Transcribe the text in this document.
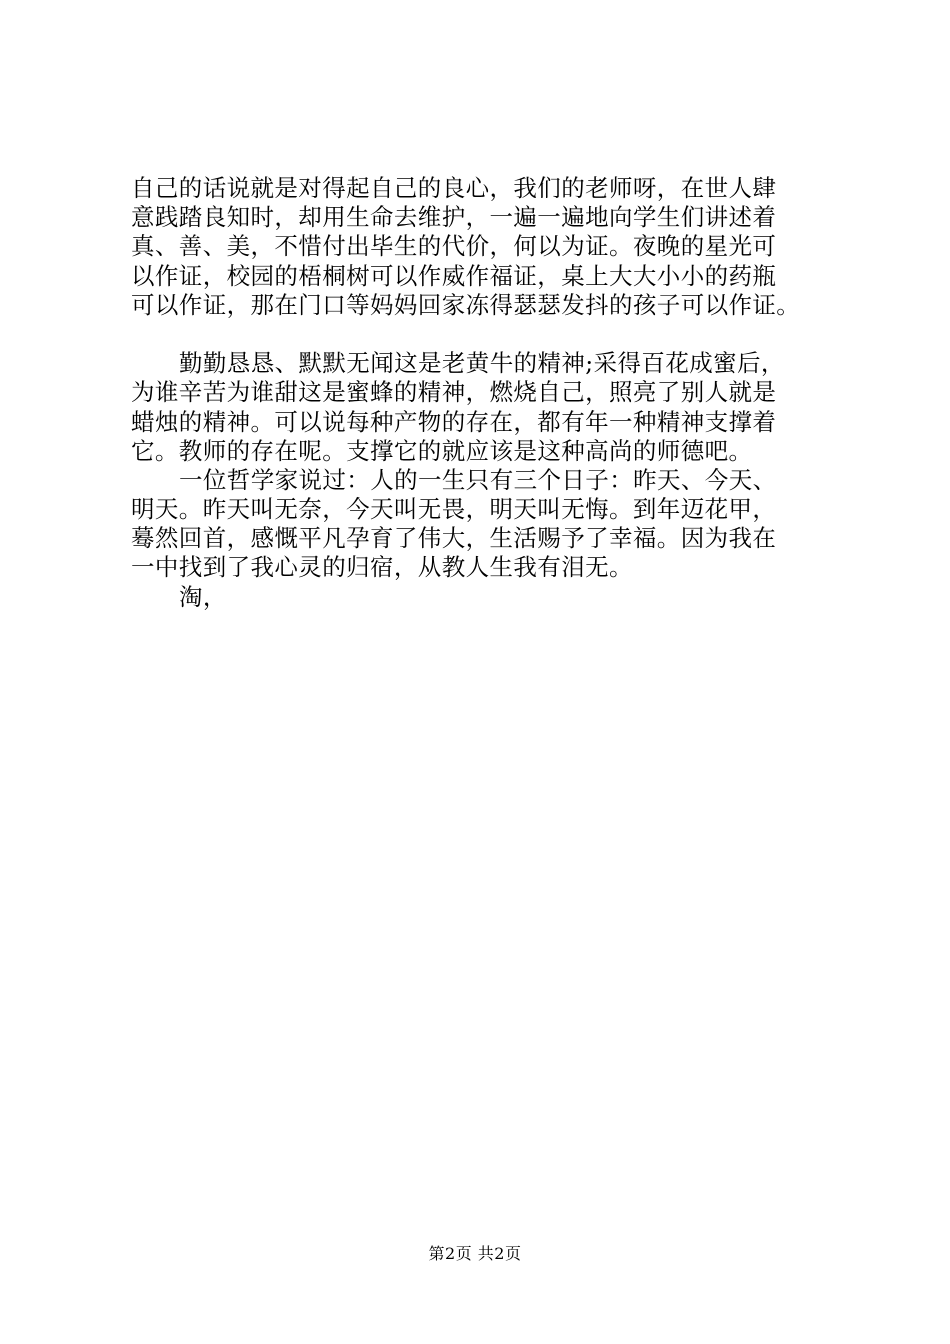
自己的话说就是对得起自己的良心，我们的老师呀，在世人肆
意践踏良知时，却用生命去维护，一遍一遍地向学生们讲述着
真、善、美，不惜付出毕生的代价，何以为证。夜晚的星光可
以作证，校园的梧桐树可以作威作福证，桌上大大小小的药瓶
可以作证，那在门口等妈妈回家冻得瑟瑟发抖的孩子可以作证。
勤勤恳恳、默默无闻这是老黄牛的精神;采得百花成蜜后，
为谁辛苦为谁甜这是蜜蜂的精神，燃烧自己，照亮了别人就是
蜡烛的精神。可以说每种产物的存在，都有年一种精神支撑着
它。教师的存在呢。支撑它的就应该是这种高尚的师德吧。
一位哲学家说过：人的一生只有三个日子：昨天、今天、
明天。昨天叫无奈，今天叫无畏，明天叫无悔。到年迈花甲，
蓦然回首，感慨平凡孕育了伟大，生活赐予了幸福。因为我在
一中找到了我心灵的归宿，从教人生我有泪无。
淘，
第2页 共2页
